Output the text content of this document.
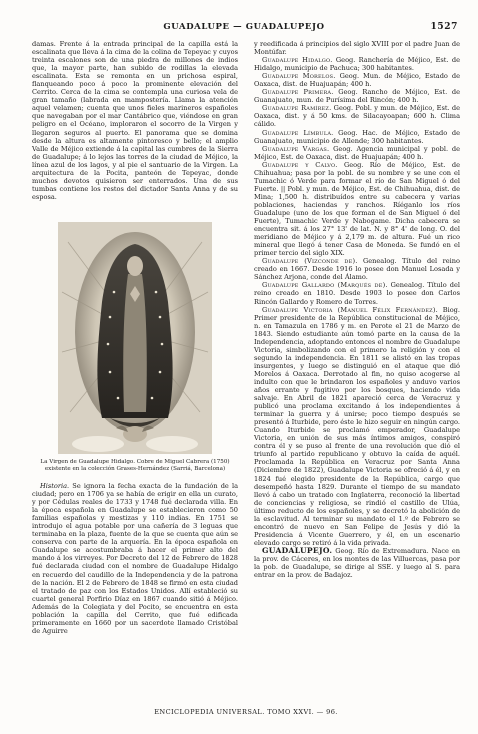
GUADALUPE — GUADALUPEJO	1527

damas. Frente á la entrada principal de la capilla está la escalinata que lleva á la cima de la colina de Tepeyac y cuyos treinta escalones son de una piedra de millones de indios que, la mayor parte, han subido de rodillas la elevada escalinata. Esta se remonta en un prichosa espiral, flanqueando poco á poco la prominente elevación del Cerrito. Cerca de la cima se contempla una curiosa vela de gran tamaño (labrada en mampostería. Llama la atención aquel velamen; cuenta que unos fieles marineros españoles que navegaban por el mar Cantábrico que, viéndose en gran peligro en el Océano, imploraron el socorro de la Virgen y llegaron seguros al puerto. El panorama que se domina desde la altura es altamente pintoresco y bello; el amplio Valle de Méjico extiende á la capital las cumbres de la Sierra de Guadalupe; á lo lejos las torres de la ciudad de Méjico, la línea azul de los lagos, y al pie el santuario de la Virgen. La arquitectura de la Pocita, panteón de Tepeyac, donde muchos devotos quisieron ser enterrados. Una de sus tumbas contiene los restos del dictador Santa Anna y de su esposa.

La Virgen de Guadalupe Hidalgo. Cobre de Miguel Cabrera (1750) existente en la colección Grases-Hernández (Sarriá, Barcelona)

Historia. Se ignora la fecha exacta de la fundación de la ciudad; pero en 1706 ya se había de erigir en ella un curato, y por Cédulas reales de 1733 y 1748 fué declarada villa. En la época española en Guadalupe se establecieron como 50 familias españolas y mestizas y 110 indias. En 1751 se introdujo el agua potable por una cañería de 3 leguas que terminaba en la plaza, fuente de la que se cuenta que aún se conserva con parte de la arquería. En la época española en Guadalupe se acostumbraba á hacer el primer alto del mando á los virreyes. Por Decreto del 12 de Febrero de 1828 fué declarada ciudad con el nombre de Guadalupe Hidalgo en recuerdo del caudillo de la Independencia y de la patrona de la nación. El 2 de Febrero de 1848 se firmó en esta ciudad el tratado de paz con los Estados Unidos. Allí estableció su cuartel general Porfirio Díaz en 1867 cuando sitió á Méjico. Además de la Colegiata y del Pocito, se encuentra en esta población la capilla del Cerrito, que fué edificada primeramente en 1660 por un sacerdote llamado Cristóbal de Aguirre

y reedificada á principios del siglo XVIII por el padre Juan de Montúfar.

Guadalupe Hidalgo. Geog. Ranchería de Méjico, Est. de Hidalgo, municipio de Pachuca; 300 habitantes.

Guadalupe Morelos. Geog. Mun. de Méjico, Estado de Oaxaca, dist. de Huajuapán; 400 h.

Guadalupe Primera. Geog. Rancho de Méjico, Est. de Guanajuato, mun. de Purísima del Rincón; 400 h.

Guadalupe Ramírez. Geog. Pobl. y mun. de Méjico, Est. de Oaxaca, dist. y á 50 kms. de Silacayoapan; 600 h. Clima cálido.

Guadalupe Límbula. Geog. Hac. de Méjico, Estado de Guanajuato, municipio de Allende; 300 habitantes.

Guadalupe Vargas. Geog. Agencia municipal y pobl. de Méjico, Est. de Oaxaca, dist. de Huajuapán; 400 h.

Guadalupe y Calvo. Geog. Río de Méjico, Est. de Chihuahua; pasa por la pobl. de su nombre y se une con el Tumachic ó Verde para formar el río de San Miguel ó del Fuerte. || Pobl. y mun. de Méjico, Est. de Chihuahua, dist. de Mina; 1,500 h. distribuídos entre su cabecera y varias poblaciones, haciendas y ranchos. Ríéganlo los ríos Guadalupe (uno de los que forman el de San Miguel ó del Fuerte), Tumachic Verde y Nabogame. Dicha cabecera se encuentra sit. á los 27° 13' de lat. N. y 8° 4' de long. O. del meridiano de Méjico y á 2,179 m. de altura. Fué un rico mineral que llegó á tener Casa de Moneda. Se fundó en el primer tercio del siglo XIX.

Guadalupe (Vizconde de). Genealog. Título del reino creado en 1667. Desde 1916 lo posee don Manuel Losada y Sánchez Arjona, conde del Álamo.

Guadalupe Gallardo (Marqués de). Genealog. Título del reino creado en 1810. Desde 1903 lo posee don Carlos Rincón Gallardo y Romero de Torres.

Guadalupe Victoria (Manuel Félix Fernández). Biog. Primer presidente de la República constitucional de Méjico, n. en Tamazula en 1786 y m. en Perote el 21 de Marzo de 1843. Siendo estudiante aún tomó parte en la causa de la Independencia, adoptando entonces el nombre de Guadalupe Victoria, simbolizando con el primero la religión y con el segundo la independencia. En 1811 se alistó en las tropas insurgentes, y luego se distinguió en el ataque que dió Morelos á Oaxaca. Derrotado al fin, no quiso acogerse al indulto con que le brindaron los españoles y anduvo varios años errante y fugitivo por los bosques, haciendo vida salvaje. En Abril de 1821 apareció cerca de Veracruz y publicó una proclama excitando á los independientes á terminar la guerra y á unirse; poco tiempo después se presentó á Iturbide, pero éste le hizo seguir en ningún cargo. Cuando Iturbide se proclamó emperador, Guadalupe Victoria, en unión de sus más íntimos amigos, conspiró contra él y se puso al frente de una revolución que dió el triunfo al partido republicano y obtuvo la caída de aquél. Proclamada la República en Veracruz por Santa Anna (Diciembre de 1822), Guadalupe Victoria se ofreció á él, y en 1824 fué elegido presidente de la República, cargo que desempeñó hasta 1829. Durante el tiempo de su mandato llevó á cabo un tratado con Inglaterra, reconoció la libertad de conciencias y religiosa, se rindió el castillo de Ulúa, último reducto de los españoles, y se decretó la abolición de la esclavitud. Al terminar su mandato el 1.º de Febrero se encontró de nuevo en San Felipe de Jesús y dió la Presidencia á Vicente Guerrero, y él, en un escenario elevado cargo se retiró á la vida privada.

GUADALUPEJO. Geog. Río de Extremadura. Nace en la prov. de Cáceres, en los montes de las Villuercas, pasa por la pob. de Guadalupe, se dirige al SSE. y luego al S. para entrar en la prov. de Badajoz.

ENCICLOPEDIA UNIVERSAL. TOMO XXVI. — 96.
